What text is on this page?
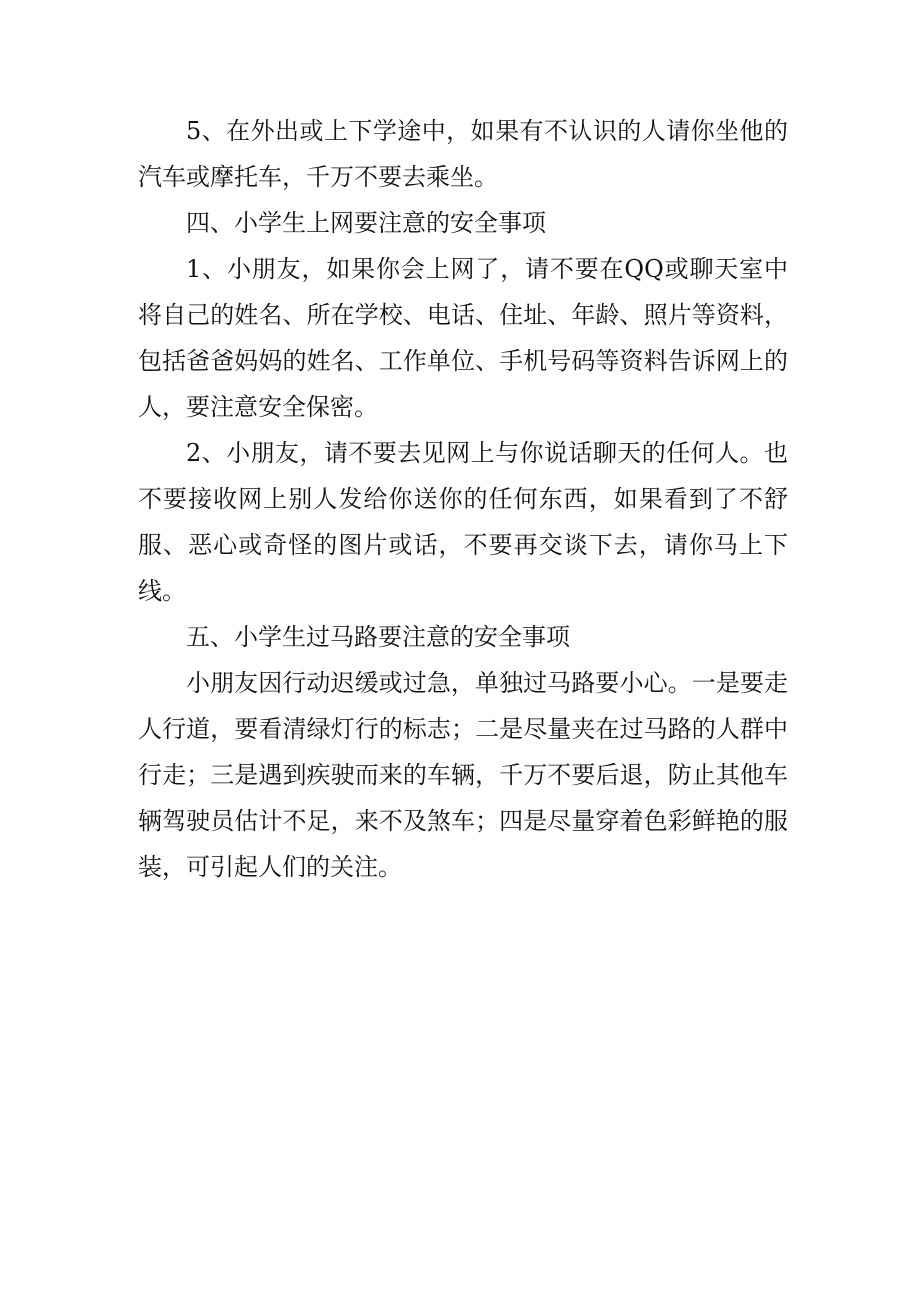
5、在外出或上下学途中，如果有不认识的人请你坐他的汽车或摩托车，千万不要去乘坐。

四、小学生上网要注意的安全事项

1、小朋友，如果你会上网了，请不要在QQ或聊天室中将自己的姓名、所在学校、电话、住址、年龄、照片等资料，包括爸爸妈妈的姓名、工作单位、手机号码等资料告诉网上的人，要注意安全保密。

2、小朋友，请不要去见网上与你说话聊天的任何人。也不要接收网上别人发给你送你的任何东西，如果看到了不舒服、恶心或奇怪的图片或话，不要再交谈下去，请你马上下线。

五、小学生过马路要注意的安全事项

小朋友因行动迟缓或过急，单独过马路要小心。一是要走人行道，要看清绿灯行的标志；二是尽量夹在过马路的人群中行走；三是遇到疾驶而来的车辆，千万不要后退，防止其他车辆驾驶员估计不足，来不及煞车；四是尽量穿着色彩鲜艳的服装，可引起人们的关注。
